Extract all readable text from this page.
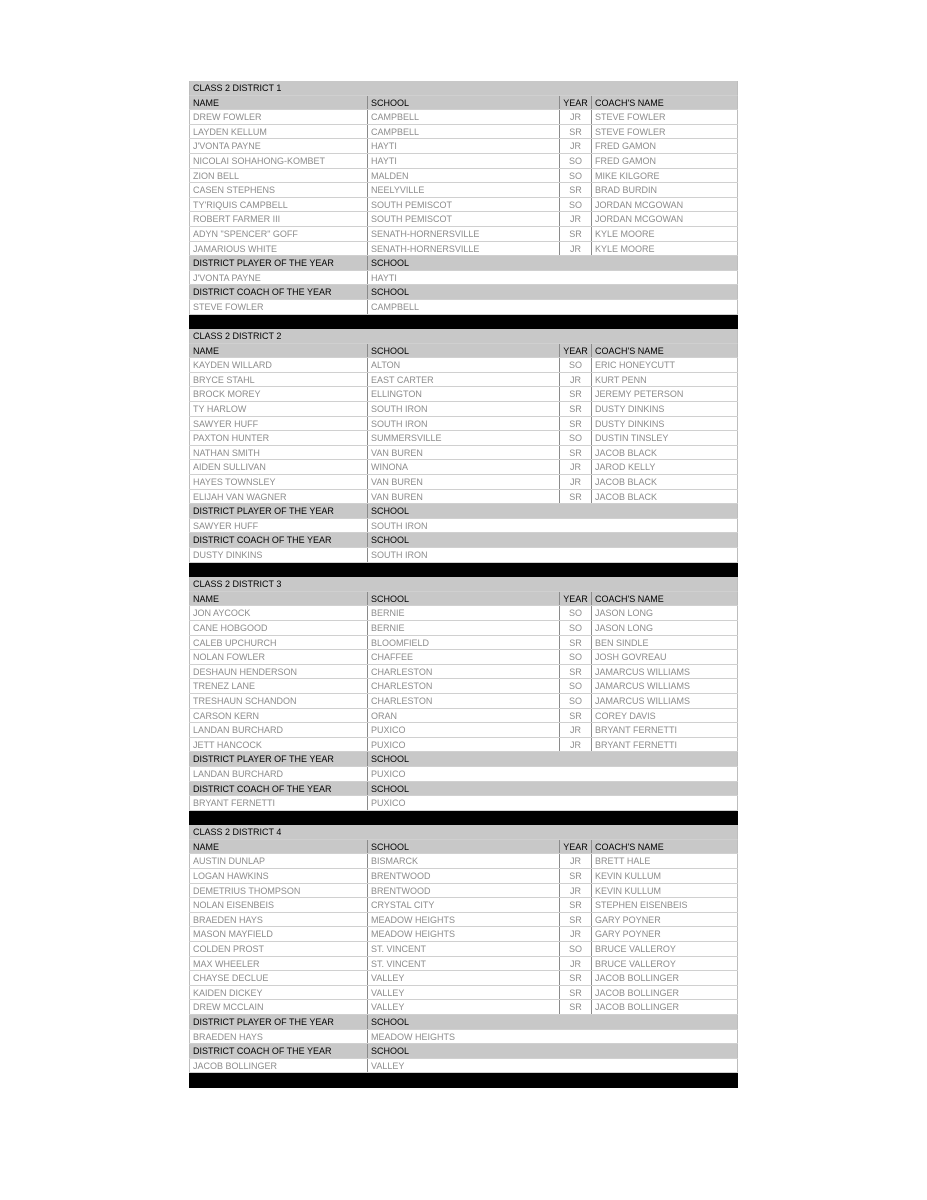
CLASS 2 DISTRICT 1
NAME	SCHOOL	YEAR COACH'S NAME
DREW FOWLER	CAMPBELL	JR	STEVE FOWLER
LAYDEN KELLUM	CAMPBELL	SR	STEVE FOWLER
J'VONTA PAYNE	HAYTI	JR	FRED GAMON
NICOLAI SOHAHONG-KOMBET	HAYTI	SO	FRED GAMON
ZION BELL	MALDEN	SO	MIKE KILGORE
CASEN STEPHENS	NEELYVILLE	SR	BRAD BURDIN
TY'RIQUIS CAMPBELL	SOUTH PEMISCOT	SO	JORDAN MCGOWAN
ROBERT FARMER III	SOUTH PEMISCOT	JR	JORDAN MCGOWAN
ADYN "SPENCER" GOFF	SENATH-HORNERSVILLE	SR	KYLE MOORE
JAMARIOUS WHITE	SENATH-HORNERSVILLE	JR	KYLE MOORE
DISTRICT PLAYER OF THE YEAR	SCHOOL
J'VONTA PAYNE	HAYTI
DISTRICT COACH OF THE YEAR	SCHOOL
STEVE FOWLER	CAMPBELL
CLASS 2 DISTRICT 2
NAME	SCHOOL	YEAR COACH'S NAME
KAYDEN WILLARD	ALTON	SO	ERIC HONEYCUTT
BRYCE STAHL	EAST CARTER	JR	KURT PENN
BROCK MOREY	ELLINGTON	SR	JEREMY PETERSON
TY HARLOW	SOUTH IRON	SR	DUSTY DINKINS
SAWYER HUFF	SOUTH IRON	SR	DUSTY DINKINS
PAXTON HUNTER	SUMMERSVILLE	SO	DUSTIN TINSLEY
NATHAN SMITH	VAN BUREN	SR	JACOB BLACK
AIDEN SULLIVAN	WINONA	JR	JAROD KELLY
HAYES TOWNSLEY	VAN BUREN	JR	JACOB BLACK
ELIJAH VAN WAGNER	VAN BUREN	SR	JACOB BLACK
DISTRICT PLAYER OF THE YEAR	SCHOOL
SAWYER HUFF	SOUTH IRON
DISTRICT COACH OF THE YEAR	SCHOOL
DUSTY DINKINS	SOUTH IRON
CLASS 2 DISTRICT 3
NAME	SCHOOL	YEAR COACH'S NAME
JON AYCOCK	BERNIE	SO	JASON LONG
CANE HOBGOOD	BERNIE	SO	JASON LONG
CALEB UPCHURCH	BLOOMFIELD	SR	BEN SINDLE
NOLAN FOWLER	CHAFFEE	SO	JOSH GOVREAU
DESHAUN HENDERSON	CHARLESTON	SR	JAMARCUS WILLIAMS
TRENEZ LANE	CHARLESTON	SO	JAMARCUS WILLIAMS
TRESHAUN SCHANDON	CHARLESTON	SO	JAMARCUS WILLIAMS
CARSON KERN	ORAN	SR	COREY DAVIS
LANDAN BURCHARD	PUXICO	JR	BRYANT FERNETTI
JETT HANCOCK	PUXICO	JR	BRYANT FERNETTI
DISTRICT PLAYER OF THE YEAR	SCHOOL
LANDAN BURCHARD	PUXICO
DISTRICT COACH OF THE YEAR	SCHOOL
BRYANT FERNETTI	PUXICO
CLASS 2 DISTRICT 4
NAME	SCHOOL	YEAR COACH'S NAME
AUSTIN DUNLAP	BISMARCK	JR	BRETT HALE
LOGAN HAWKINS	BRENTWOOD	SR	KEVIN KULLUM
DEMETRIUS THOMPSON	BRENTWOOD	JR	KEVIN KULLUM
NOLAN EISENBEIS	CRYSTAL CITY	SR	STEPHEN EISENBEIS
BRAEDEN HAYS	MEADOW HEIGHTS	SR	GARY POYNER
MASON MAYFIELD	MEADOW HEIGHTS	JR	GARY POYNER
COLDEN PROST	ST. VINCENT	SO	BRUCE VALLEROY
MAX WHEELER	ST. VINCENT	JR	BRUCE VALLEROY
CHAYSE DECLUE	VALLEY	SR	JACOB BOLLINGER
KAIDEN DICKEY	VALLEY	SR	JACOB BOLLINGER
DREW MCCLAIN	VALLEY	SR	JACOB BOLLINGER
DISTRICT PLAYER OF THE YEAR	SCHOOL
BRAEDEN HAYS	MEADOW HEIGHTS
DISTRICT COACH OF THE YEAR	SCHOOL
JACOB BOLLINGER	VALLEY
